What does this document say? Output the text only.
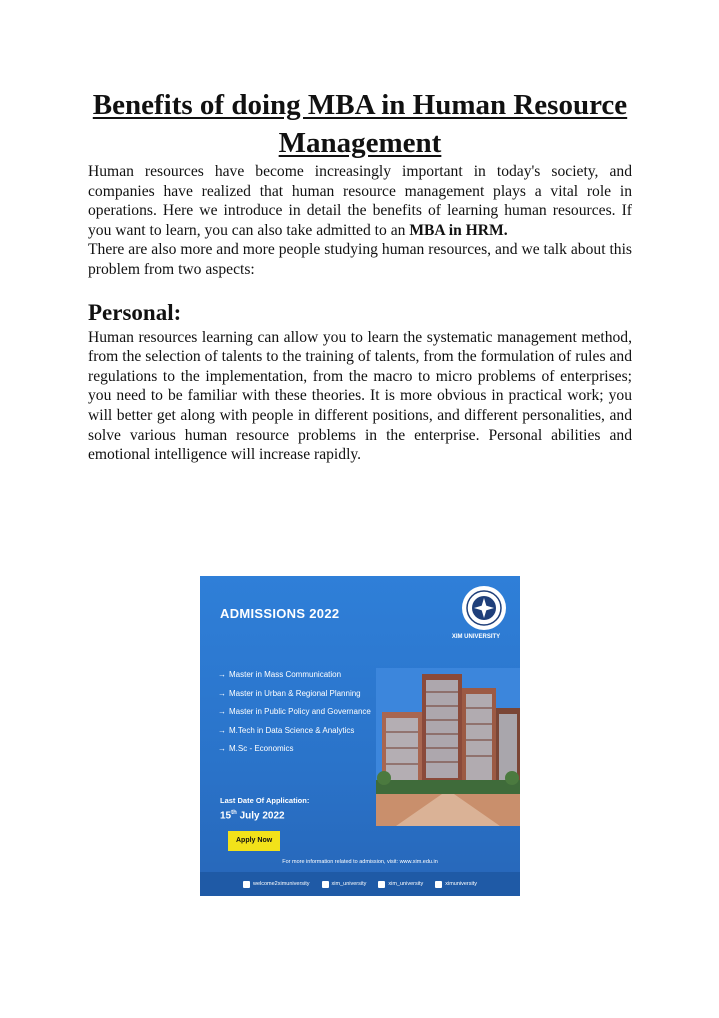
Benefits of doing MBA in Human Resource Management

Human resources have become increasingly important in today's society, and companies have realized that human resource management plays a vital role in operations. Here we introduce in detail the benefits of learning human resources. If you want to learn, you can also take admitted to an MBA in HRM.

There are also more and more people studying human resources, and we talk about this problem from two aspects:

Personal:

Human resources learning can allow you to learn the systematic management method, from the selection of talents to the training of talents, from the formulation of rules and regulations to the implementation, from the macro to micro problems of enterprises; you need to be familiar with these theories. It is more obvious in practical work; you will better get along with people in different positions, and different personalities, and solve various human resource problems in the enterprise. Personal abilities and emotional intelligence will increase rapidly.

ADMISSIONS 2022
XIM UNIVERSITY
→ Master in Mass Communication
→ Master in Urban & Regional Planning
→ Master in Public Policy and Governance
→ M.Tech in Data Science & Analytics
→ M.Sc - Economics
Last Date Of Application:
15th July 2022
Apply Now
For more information related to admission, visit: www.xim.edu.in
welcome2ximuniversity	xim_university	xim_university	ximuniversity
